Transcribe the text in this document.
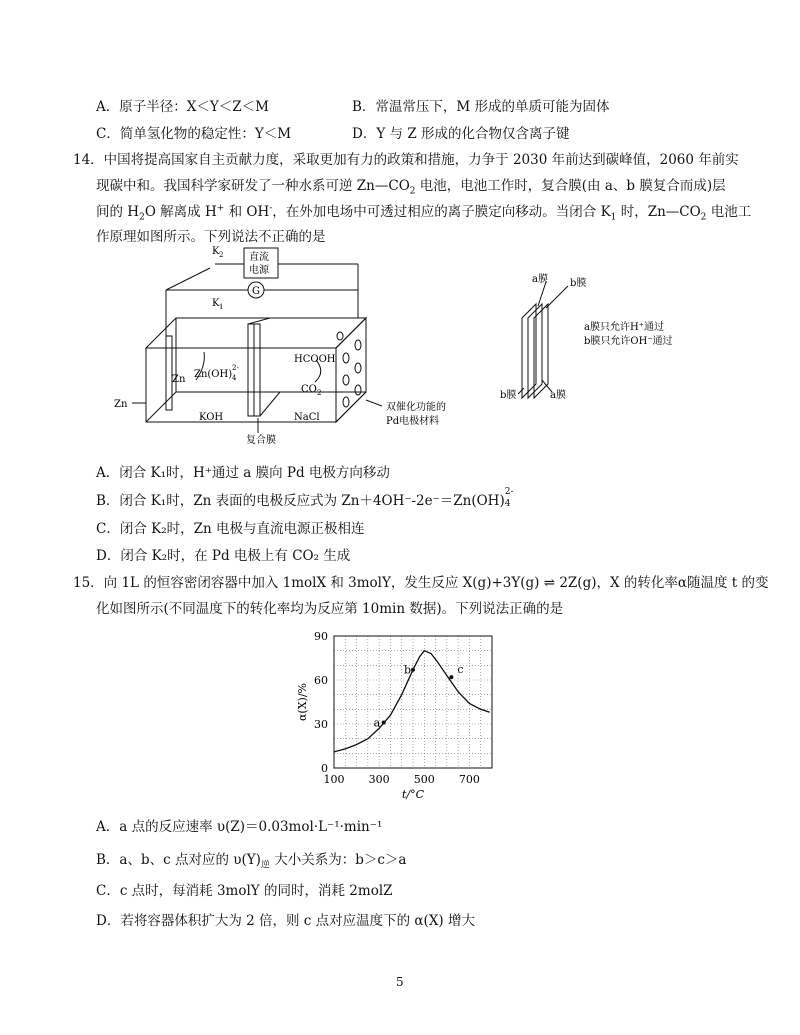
A．原子半径：X＜Y＜Z＜M	B．常温常压下，M 形成的单质可能为固体
C．简单氢化物的稳定性：Y＜M	D．Y 与 Z 形成的化合物仅含离子键
14．中国将提高国家自主贡献力度，采取更加有力的政策和措施，力争于 2030 年前达到碳峰值，2060 年前实
现碳中和。我国科学家研发了一种水系可逆 $Zn—CO_2$ 电池，电池工作时，复合膜(由 a、b 膜复合而成)层
间的 $H_2O$ 解离成 H+ 和 OH-，在外加电场中可透过相应的离子膜定向移动。当闭合 $K_1$ 时，$Zn—CO_2$ 电池工
作原理如图所示。下列说法不正确的是
K 2
K 1
直流
电源
G
Zn
Zn Zn(OH)
2-
4
KOH
HCOOH
CO 2
NaCl
复合膜
双催化功能的
Pd电极材料
a膜 b膜
a膜只允许H⁺通过
b膜只允许OH⁻通过
b膜	a膜
A．闭合 K₁时，H⁺通过 a 膜向 Pd 电极方向移动
B．闭合 K₁时，Zn 表面的电极反应式为 Zn＋4OH⁻-2e⁻＝Zn(OH)
2-
4
C．闭合 K₂时，Zn 电极与直流电源正极相连
D．闭合 K₂时，在 Pd 电极上有 CO₂ 生成
15．向 1L 的恒容密闭容器中加入 1molX 和 3molY，发生反应 X(g)+3Y(g) ⇌ 2Z(g)，X 的转化率α随温度 t 的变
化如图所示(不同温度下的转化率均为反应第 10min 数据)。下列说法正确的是
0
30
60
90
100 300 500 700
t/°C
α(X)/%
a
b	c
A．a 点的反应速率 υ(Z)＝0.03mol·L⁻¹·min⁻¹
B．a、b、c 点对应的 $\upsilon(Y)_逆$ 大小关系为：b＞c＞a
C．c 点时，每消耗 3molY 的同时，消耗 2molZ
D．若将容器体积扩大为 2 倍，则 c 点对应温度下的 α(X) 增大
5
